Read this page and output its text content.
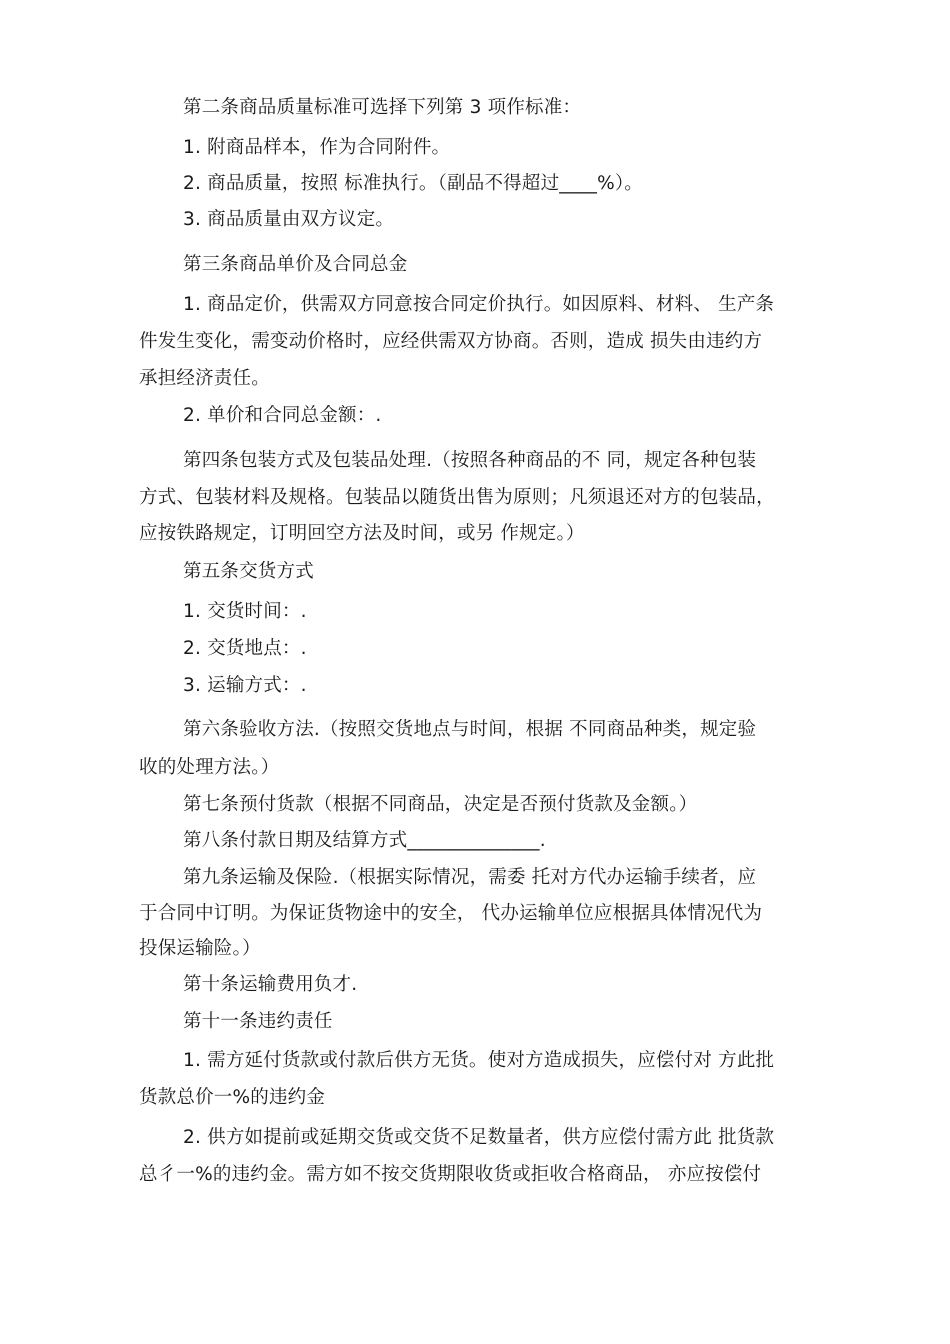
第二条商品质量标准可选择下列第 3 项作标准：
1. 附商品样本，作为合同附件。
2. 商品质量，按照 标准执行。（副品不得超过____%）。
3. 商品质量由双方议定。
第三条商品单价及合同总金
1. 商品定价，供需双方同意按合同定价执行。如因原料、材料、 生产条
件发生变化，需变动价格时，应经供需双方协商。否则，造成 损失由违约方
承担经济责任。
2. 单价和合同总金额：.
第四条包装方式及包装品处理.（按照各种商品的不 同，规定各种包装
方式、包装材料及规格。包装品以随货出售为原则；凡须退还对方的包装品，
应按铁路规定，订明回空方法及时间，或另 作规定。）
第五条交货方式
1. 交货时间：.
2. 交货地点：.
3. 运输方式：.
第六条验收方法.（按照交货地点与时间，根据 不同商品种类，规定验
收的处理方法。）
第七条预付货款（根据不同商品，决定是否预付货款及金额。）
第八条付款日期及结算方式______________.
第九条运输及保险.（根据实际情况，需委 托对方代办运输手续者，应
于合同中订明。为保证货物途中的安全， 代办运输单位应根据具体情况代为
投保运输险。）
第十条运输费用负才.
第十一条违约责任
1. 需方延付货款或付款后供方无货。使对方造成损失，应偿付对 方此批
货款总价一%的违约金
2. 供方如提前或延期交货或交货不足数量者，供方应偿付需方此 批货款
总彳一%的违约金。需方如不按交货期限收货或拒收合格商品， 亦应按偿付
